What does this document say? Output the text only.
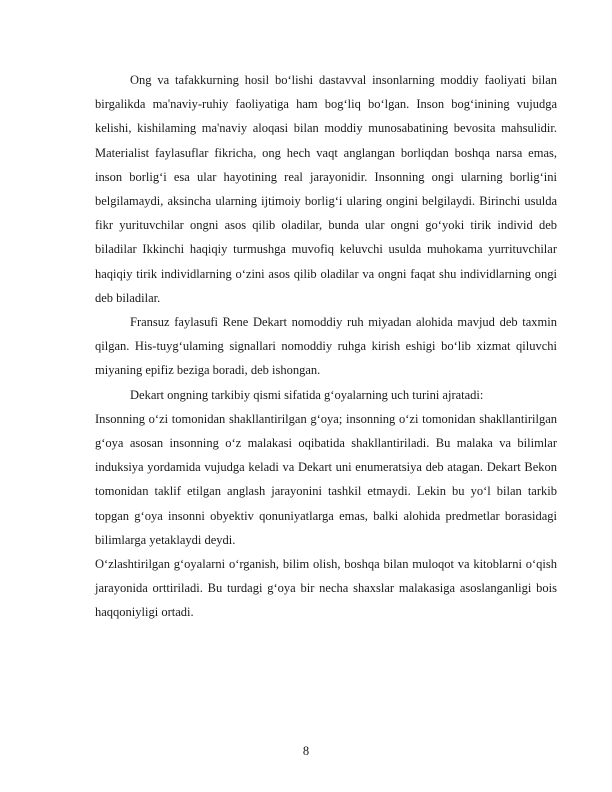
Ong va tafakkurning hosil boʻlishi dastavval insonlarning moddiy faoliyati bilan birgalikda ma'naviy-ruhiy faoliyatiga ham bogʻliq boʻlgan. Inson bogʻinining vujudga kelishi, kishilaming ma'naviy aloqasi bilan moddiy munosabatining bevosita mahsulidir. Materialist faylasuflar fikricha, ong hech vaqt anglangan borliqdan boshqa narsa emas, inson borligʻi esa ular hayotining real jarayonidir. Insonning ongi ularning borligʻini belgilamaydi, aksincha ularning ijtimoiy borligʻi ularing ongini belgilaydi. Birinchi usulda fikr yurituvchilar ongni asos qilib oladilar, bunda ular ongni goʻyoki tirik individ deb biladilar Ikkinchi haqiqiy turmushga muvofiq keluvchi usulda muhokama yurrituvchilar haqiqiy tirik individlarning oʻzini asos qilib oladilar va ongni faqat shu individlarning ongi deb biladilar.

Fransuz faylasufi Rene Dekart nomoddiy ruh miyadan alohida mavjud deb taxmin qilgan. His-tuygʻulaming signallari nomoddiy ruhga kirish eshigi boʻlib xizmat qiluvchi miyaning epifiz beziga boradi, deb ishongan.

Dekart ongning tarkibiy qismi sifatida gʻoyalarning uch turini ajratadi:

Insonning oʻzi tomonidan shakllantirilgan gʻoya; insonning oʻzi tomonidan shakllantirilgan gʻoya asosan insonning oʻz malakasi oqibatida shakllantiriladi. Bu malaka va bilimlar induksiya yordamida vujudga keladi va Dekart uni enumeratsiya deb atagan. Dekart Bekon tomonidan taklif etilgan anglash jarayonini tashkil etmaydi. Lekin bu yoʻl bilan tarkib topgan gʻoya insonni obyektiv qonuniyatlarga emas, balki alohida predmetlar borasidagi bilimlarga yetaklaydi deydi.

Oʻzlashtirilgan gʻoyalarni oʻrganish, bilim olish, boshqa bilan muloqot va kitoblarni oʻqish jarayonida orttiriladi. Bu turdagi gʻoya bir necha shaxslar malakasiga asoslanganligi bois haqqoniyligi ortadi.

8
